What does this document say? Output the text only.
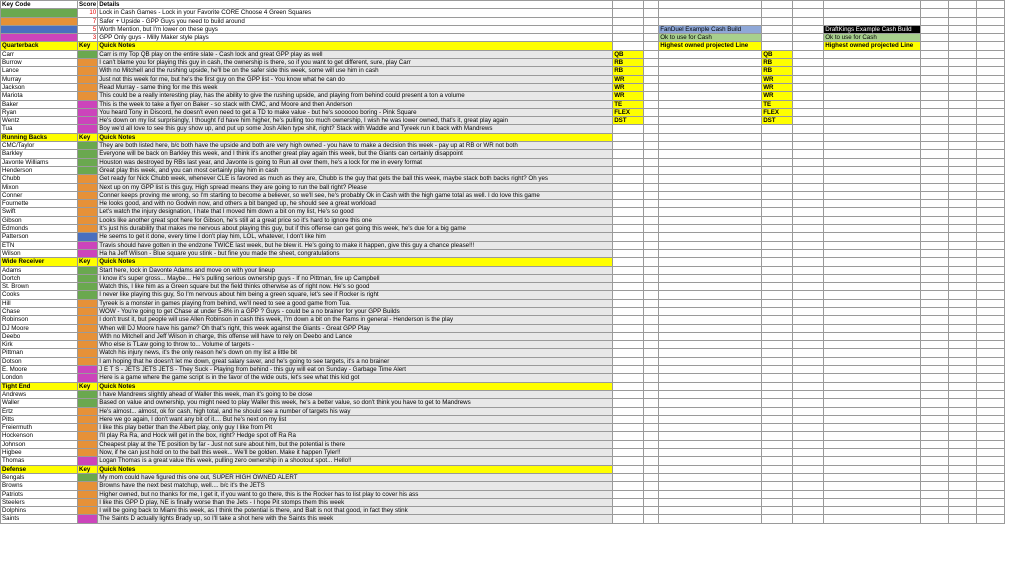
Key Code	Score	Details									
	10	Lock in Cash Games - Lock in your Favorite CORE Choose 4 Green Squares									
	7	Safer + Upside - GPP Guys you need to build around									
	5	Worth Mention, but I'm lower on these guys			FanDuel Example Cash Build			DraftKings Example Cash Build			
	3	GPP Only guys - Milly Maker style plays			Ok to use for Cash			Ok to use for Cash			
Quarterback	Key	Quick Notes			Highest owned projected Line			Highest owned projected Line			
Carr		Carr is my Top QB play on the entire slate - Cash lock and great GPP play as well	QB			QB					
Burrow		I can't blame you for playing this guy in cash, the ownership is there, so if you want to get different, sure, play Carr	RB			RB					
Lance		With no Mitchell and the rushing upside, he'll be on the safer side this week, some will use him in cash	RB			RB					
Murray		Just not this week for me, but he's the first guy on the GPP list - You know what he can do	WR			WR					
Jackson		Read Murray - same thing for me this week	WR			WR					
Mariota		This could be a really interesting play, has the ability to give the rushing upside, and playing from behind could present a ton a volume	WR			WR					
Baker		This is the week to take a flyer on Baker - so stack with CMC, and Moore and then Anderson	TE			TE					
Ryan		You heard Tony in Discord, he doesn't even need to get a TD to make value - but he's soooooo boring - Pink Square	FLEX			FLEX					
Wentz		He's down on my list surprisingly, I thought I'd have him higher, he's pulling too much ownership, I wish he was lower owned, that's it, great play again	DST			DST					
Tua		Boy we'd all love to see this guy show up, and put up some Josh Allen type shit, right? Stack with Waddle and Tyreek run it back with Mandrews									
Running Backs	Key	Quick Notes									
CMC/Taylor		They are both listed here, b/c both have the upside and both are very high owned - you have to make a decision this week - pay up at RB or WR not both									
Barkley		Everyone will be back on Barkley this week, and I think it's another great play again this week, but the Giants can certainly disappoint									
Javonte Williams		Houston was destroyed by RBs last year, and Javonte is going to Run all over them, he's a lock for me in every format									
Henderson		Great play this week, and you can most certainly play him in cash									
Chubb		Get ready for Nick Chubb week, whenever CLE is favored as much as they are, Chubb is the guy that gets the ball this week, maybe stack both backs right? Oh yes									
Mixon		Next up on my GPP list is this guy, High spread means they are going to run the ball right? Please									
Conner		Conner keeps proving me wrong, so I'm starting to become a believer, so we'll see, he's probably Ok in Cash with the high game total as well. I do love this game									
Fournette		He looks good, and with no Godwin now, and others a bit banged up, he should see a great workload									
Swift		Let's watch the injury designation, I hate that I moved him down a bit on my list, He's so good									
Gibson		Looks like another great spot here for Gibson, he's still at a great price so it's hard to ignore this one									
Edmonds		It's just his durability that makes me nervous about playing this guy, but if this offense can get going this week, he's due for a big game									
Patterson		He seems to get it done, every time I don't play him, LOL, whatever, I don't like him									
ETN		Travis should have gotten in the endzone TWICE last week, but he blew it. He's going to make it happen, give this guy a chance please!!!									
Wilson		Ha ha Jeff Wilson - Blue square you stink - but fine you made the sheet, congratulations									
Wide Receiver	Key	Quick Notes									
Adams		Start here, lock in Davonte Adams and move on with your lineup									
Dortch		I know it's super gross... Maybe... He's pulling serious ownership guys - If no Pittman, fire up Campbell									
St. Brown		Watch this, I like him as a Green square but the field thinks otherwise as of right now. He's so good									
Cooks		I never like playing this guy, So I'm nervous about him being a green square, let's see if Rocker is right									
Hill		Tyreek is a monster in games playing from behind, we'll need to see a good game from Tua.									
Chase		WOW - You're going to get Chase at under 5-8% in a GPP ? Guys - could be a no brainer for your GPP Builds									
Robinson		I don't trust it, but people will use Allen Robinson in cash this week, I'm down a bit on the Rams in general - Henderson is the play									
DJ Moore		When will DJ Moore have his game? Oh that's right, this week against the Giants - Great GPP Play									
Deebo		With no Mitchell and Jeff Wilson in charge, this offense will have to rely on Deebo and Lance									
Kirk		Who else is TLaw going to throw to... Volume of targets -									
Pittman		Watch his injury news, it's the only reason he's down on my list a little bit									
Dotson		I am hoping that he doesn't let me down, great salary saver, and he's going to see targets, it's a no brainer									
E. Moore		J E T S - JETS JETS JETS - They Suck - Playing from behind - this guy will eat on Sunday - Garbage Time Alert									
London		Here is a game where the game script is in the favor of the wide outs, let's see what this kid got									
Tight End	Key	Quick Notes									
Andrews		I have Mandrews slightly ahead of Waller this week, man it's going to be close									
Waller		Based on value and ownership, you might need to play Waller this week, he's a better value, so don't think you have to get to Mandrews									
Ertz		He's almost... almost, ok for cash, high total, and he should see a number of targets his way									
Pitts		Here we go again, I don't want any bit of it.... But he's next on my list									
Freiermuth		I like this play better than the Albert play, only guy I like from Pit									
Hockenson		I'll play Ra Ra, and Hock will get in the box, right? Hedge spot off Ra Ra									
Johnson		Cheapest play at the TE position by far - Just not sure about him, but the potential is there									
Higbee		Now, if he can just hold on to the ball this week... We'll be golden. Make it happen Tyler!!									
Thomas		Logan Thomas is a great value this week, pulling zero ownership in a shootout spot... Hello!!									
Defense	Key	Quick Notes									
Bengals		My mom could have figured this one out, SUPER HIGH OWNED ALERT									
Browns		Browns have the next best matchup, well.... b/c it's the JETS									
Patriots		Higher owned, but no thanks for me, I get it, if you want to go there, this is the Rocker has to list play to cover his ass									
Steelers		I like this GPP D play, NE is finally worse than the Jets - I hope Pit stomps them this week									
Dolphins		I will be going back to Miami this week, as I think the potential is there, and Balt is not that good, in fact they stink									
Saints		The Saints D actually lights Brady up, so I'll take a shot here with the Saints this week									
